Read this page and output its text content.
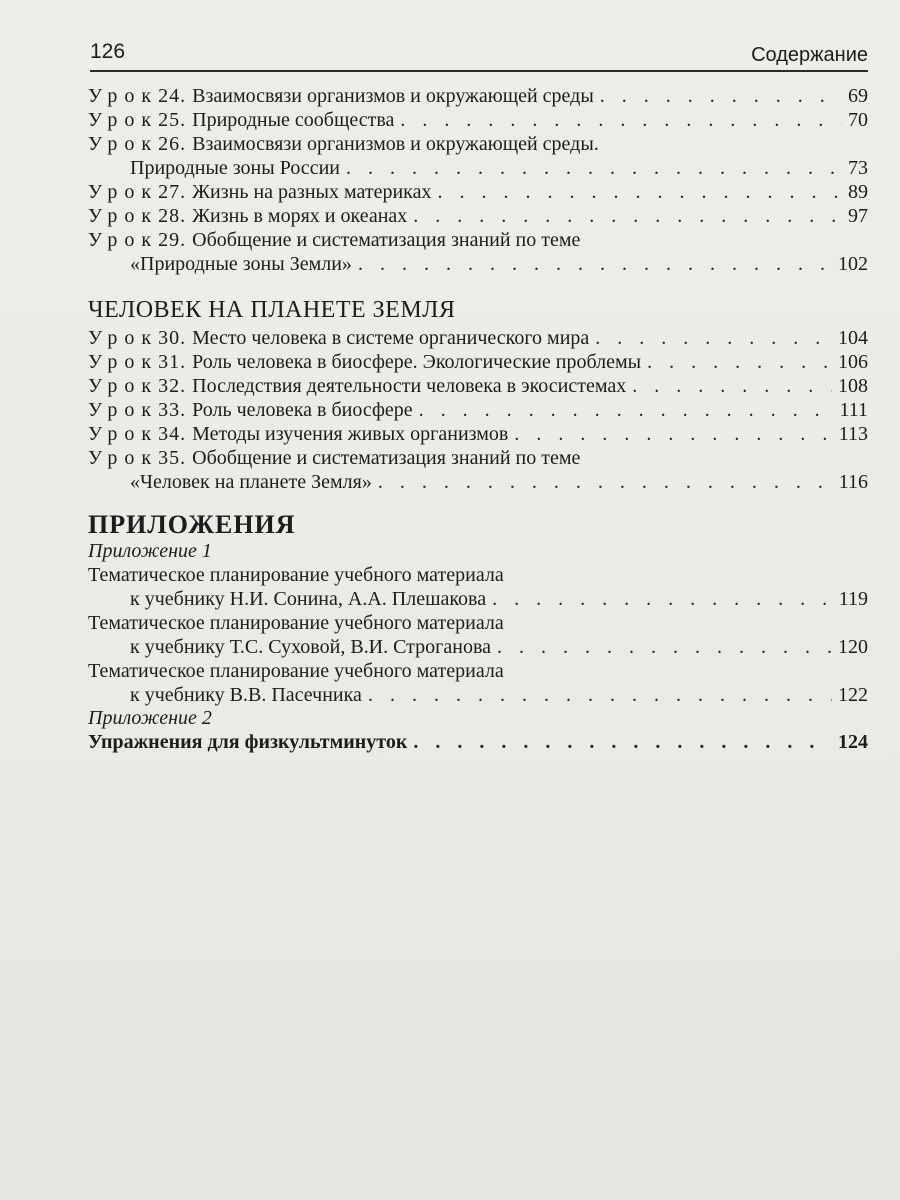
126	Содержание
Урок 24. Взаимосвязи организмов и окружающей среды . . .	69
Урок 25. Природные сообщества . . .	70
Урок 26. Взаимосвязи организмов и окружающей среды.
Природные зоны России . . .	73
Урок 27. Жизнь на разных материках . . .	89
Урок 28. Жизнь в морях и океанах . . .	97
Урок 29. Обобщение и систематизация знаний по теме
«Природные зоны Земли» . . .	102
ЧЕЛОВЕК НА ПЛАНЕТЕ ЗЕМЛЯ
Урок 30. Место человека в системе органического мира . . .	104
Урок 31. Роль человека в биосфере. Экологические проблемы . . .	106
Урок 32. Последствия деятельности человека в экосистемах . . .	108
Урок 33. Роль человека в биосфере . . .	111
Урок 34. Методы изучения живых организмов . . .	113
Урок 35. Обобщение и систематизация знаний по теме
«Человек на планете Земля» . . .	116
ПРИЛОЖЕНИЯ
Приложение 1
Тематическое планирование учебного материала
к учебнику Н.И. Сонина, А.А. Плешакова . . .	119
Тематическое планирование учебного материала
к учебнику Т.С. Суховой, В.И. Строганова . . .	120
Тематическое планирование учебного материала
к учебнику В.В. Пасечника . . .	122
Приложение 2
Упражнения для физкультминуток . . .	124
